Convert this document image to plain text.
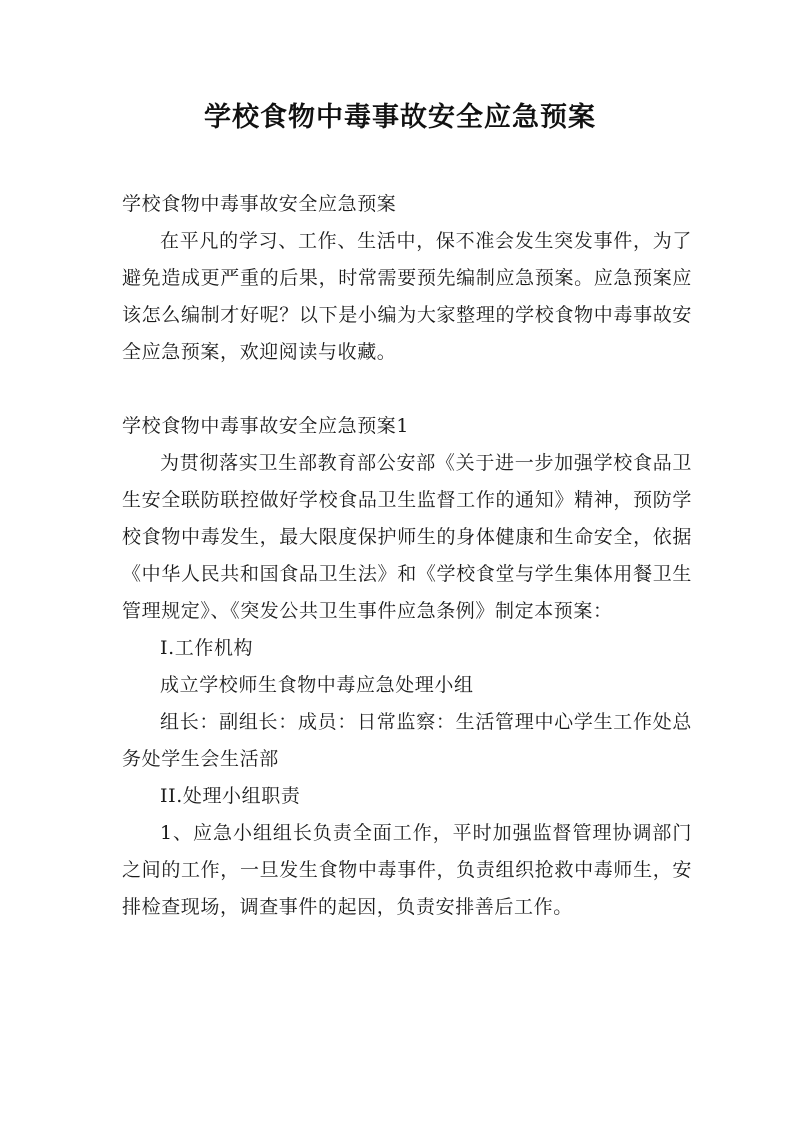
学校食物中毒事故安全应急预案

学校食物中毒事故安全应急预案

在平凡的学习、工作、生活中，保不准会发生突发事件，为了避免造成更严重的后果，时常需要预先编制应急预案。应急预案应该怎么编制才好呢？以下是小编为大家整理的学校食物中毒事故安全应急预案，欢迎阅读与收藏。

学校食物中毒事故安全应急预案1

为贯彻落实卫生部教育部公安部《关于进一步加强学校食品卫生安全联防联控做好学校食品卫生监督工作的通知》精神，预防学校食物中毒发生，最大限度保护师生的身体健康和生命安全，依据《中华人民共和国食品卫生法》和《学校食堂与学生集体用餐卫生管理规定》、《突发公共卫生事件应急条例》制定本预案：

I.工作机构

成立学校师生食物中毒应急处理小组

组长：副组长：成员：日常监察：生活管理中心学生工作处总务处学生会生活部

II.处理小组职责

1、应急小组组长负责全面工作，平时加强监督管理协调部门之间的工作，一旦发生食物中毒事件，负责组织抢救中毒师生，安排检查现场，调查事件的起因，负责安排善后工作。
